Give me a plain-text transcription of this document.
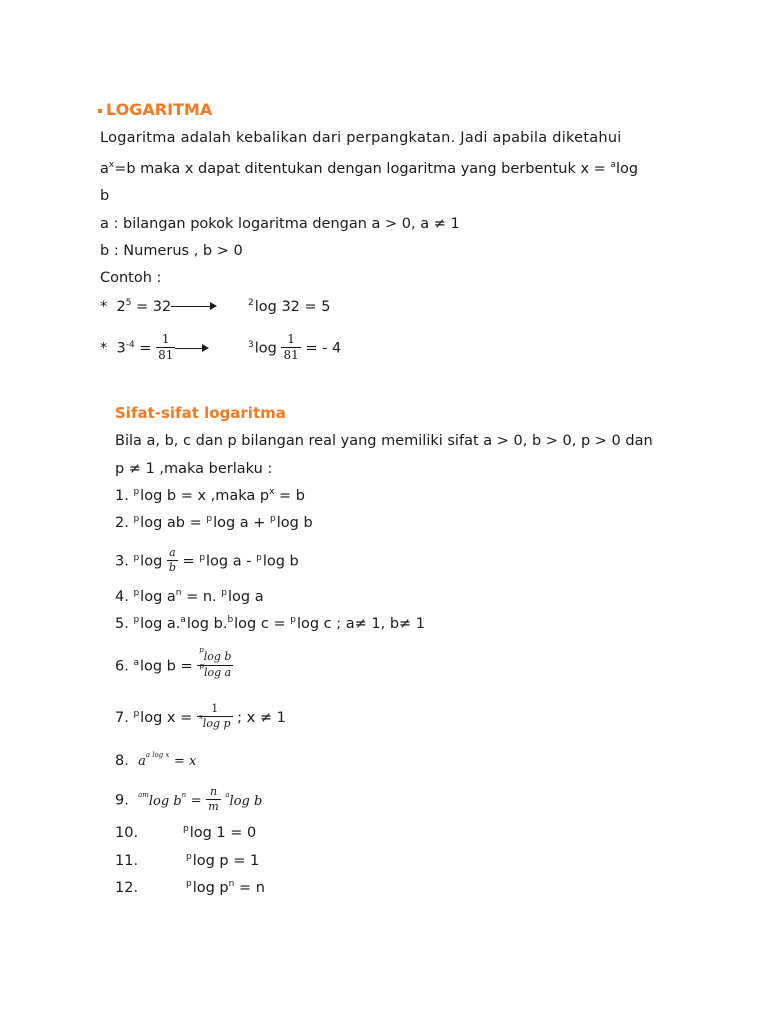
LOGARITMA
Logaritma adalah kebalikan dari perpangkatan. Jadi apabila diketahui
$a^x=b$ maka x dapat ditentukan dengan logaritma yang berbentuk x = $^a$log
b
a : bilangan pokok logaritma dengan a > 0, a ≠ 1
b : Numerus , b > 0
Contoh :
* $2^5 = 32$	$^2$log 32 = 5
* $3^{-4} = \frac{1}{81}$	$^3\log \frac{1}{81}$ = - 4
Sifat-sifat logaritma
Bila a, b, c dan p bilangan real yang memiliki sifat a > 0, b > 0, p > 0 dan
p ≠ 1 ,maka berlaku :
1. $^p$log b = x ,maka $p^x = b$
2. $^p$log ab = $^p$log a + $^p$log b
3. $^p\log \frac{a}{b} = ^p\log$ a - $^p$log b
4. $^p$log $a^n = n$. $^p$log a
5. $^p$log a.$^a$log b.$^b$log c = $^p$log c ; a≠ 1, b≠ 1
6. $^a$log $b = \frac{^p\log b}{^p\log a}$
7. $^p$log $x = \frac{1}{^x\log p}$ ; x ≠ 1
8. $a^{a log x} = x$
9. $^{am}$log $b^n = \frac{n}{m} ^a\log$ b
10.	$^p$log 1 = 0
11.	$^p$log p = 1
12.	$^p$log $p^n = n$
